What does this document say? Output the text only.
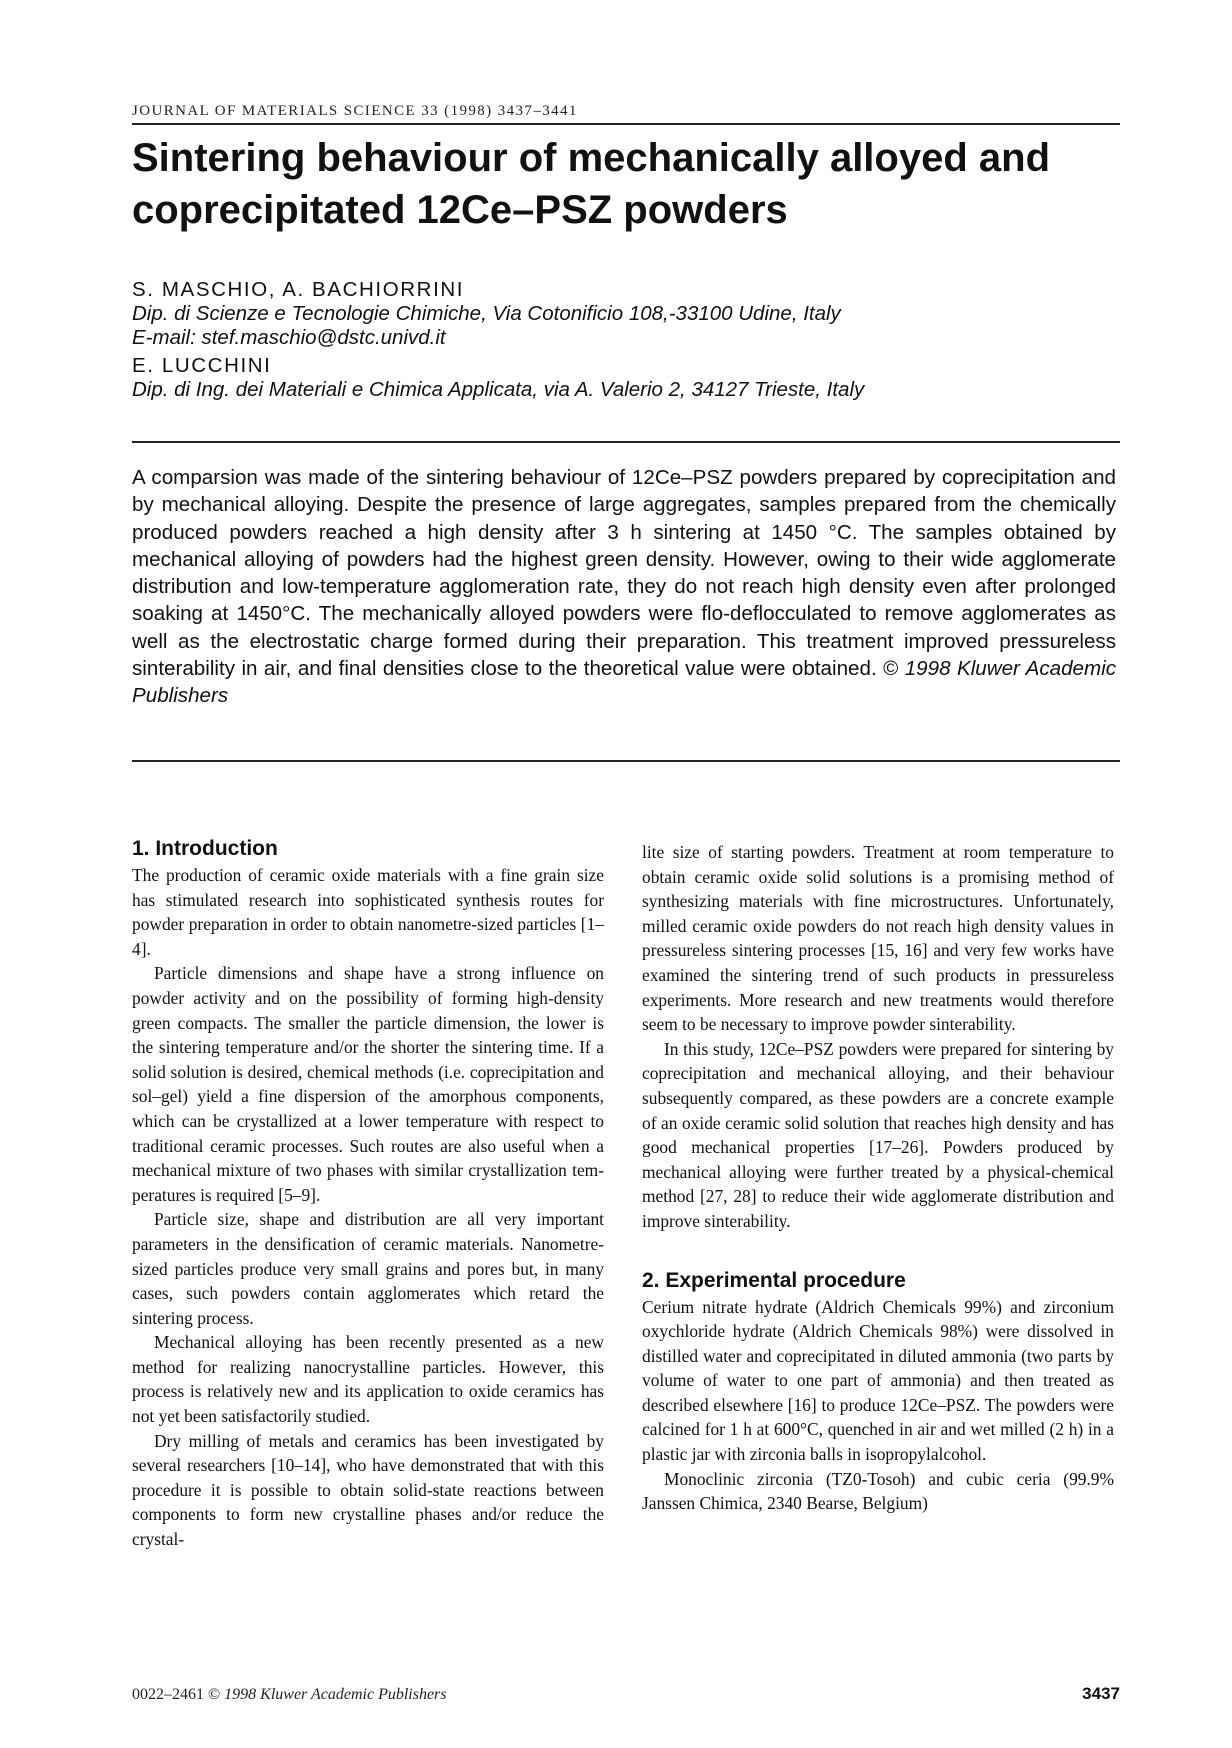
JOURNAL OF MATERIALS SCIENCE 33 (1998) 3437–3441
Sintering behaviour of mechanically alloyed and
coprecipitated 12Ce–PSZ powders
S. MASCHIO, A. BACHIORRINI
Dip. di Scienze e Tecnologie Chimiche, Via Cotonificio 108,-33100 Udine, Italy
E-mail: stef.maschio@dstc.univd.it
E. LUCCHINI
Dip. di Ing. dei Materiali e Chimica Applicata, via A. Valerio 2, 34127 Trieste, Italy
A comparsion was made of the sintering behaviour of 12Ce–PSZ powders prepared by coprecipitation and by mechanical alloying. Despite the presence of large aggregates, samples prepared from the chemically produced powders reached a high density after 3 h sintering at 1450 °C. The samples obtained by mechanical alloying of powders had the highest green density. However, owing to their wide agglomerate distribution and low-temperature agglomeration rate, they do not reach high density even after prolonged soaking at 1450°C. The mechanically alloyed powders were flo-deflocculated to remove agglomerates as well as the electrostatic charge formed during their preparation. This treatment improved pressureless sinterability in air, and final densities close to the theoretical value were obtained. © 1998 Kluwer Academic Publishers
1. Introduction

The production of ceramic oxide materials with a fine grain size has stimulated research into sophisticated synthesis routes for powder preparation in order to obtain nanometre-sized particles [1–4].

Particle dimensions and shape have a strong influence on powder activity and on the possibility of forming high-density green compacts. The smaller the particle dimension, the lower is the sintering temperature and/or the shorter the sintering time. If a solid solution is desired, chemical methods (i.e. coprecipitation and sol–gel) yield a fine dispersion of the amorphous components, which can be crystallized at a lower temperature with respect to traditional ceramic processes. Such routes are also useful when a mechanical mixture of two phases with similar crystallization temperatures is required [5–9].

Particle size, shape and distribution are all very important parameters in the densification of ceramic materials. Nanometre-sized particles produce very small grains and pores but, in many cases, such powders contain agglomerates which retard the sintering process.

Mechanical alloying has been recently presented as a new method for realizing nanocrystalline particles. However, this process is relatively new and its application to oxide ceramics has not yet been satisfactorily studied.

Dry milling of metals and ceramics has been investigated by several researchers [10–14], who have demonstrated that with this procedure it is possible to obtain solid-state reactions between components to form new crystalline phases and/or reduce the crystal-

lite size of starting powders. Treatment at room temperature to obtain ceramic oxide solid solutions is a promising method of synthesizing materials with fine microstructures. Unfortunately, milled ceramic oxide powders do not reach high density values in pressureless sintering processes [15, 16] and very few works have examined the sintering trend of such products in pressureless experiments. More research and new treatments would therefore seem to be necessary to improve powder sinterability.

In this study, 12Ce–PSZ powders were prepared for sintering by coprecipitation and mechanical alloying, and their behaviour subsequently compared, as these powders are a concrete example of an oxide ceramic solid solution that reaches high density and has good mechanical properties [17–26]. Powders produced by mechanical alloying were further treated by a physical-chemical method [27, 28] to reduce their wide agglomerate distribution and improve sinterability.

2. Experimental procedure

Cerium nitrate hydrate (Aldrich Chemicals 99%) and zirconium oxychloride hydrate (Aldrich Chemicals 98%) were dissolved in distilled water and coprecipitated in diluted ammonia (two parts by volume of water to one part of ammonia) and then treated as described elsewhere [16] to produce 12Ce–PSZ. The powders were calcined for 1 h at 600°C, quenched in air and wet milled (2 h) in a plastic jar with zirconia balls in isopropylalcohol.

Monoclinic zirconia (TZ0-Tosoh) and cubic ceria (99.9% Janssen Chimica, 2340 Bearse, Belgium)

0022–2461 © 1998 Kluwer Academic Publishers	3437
